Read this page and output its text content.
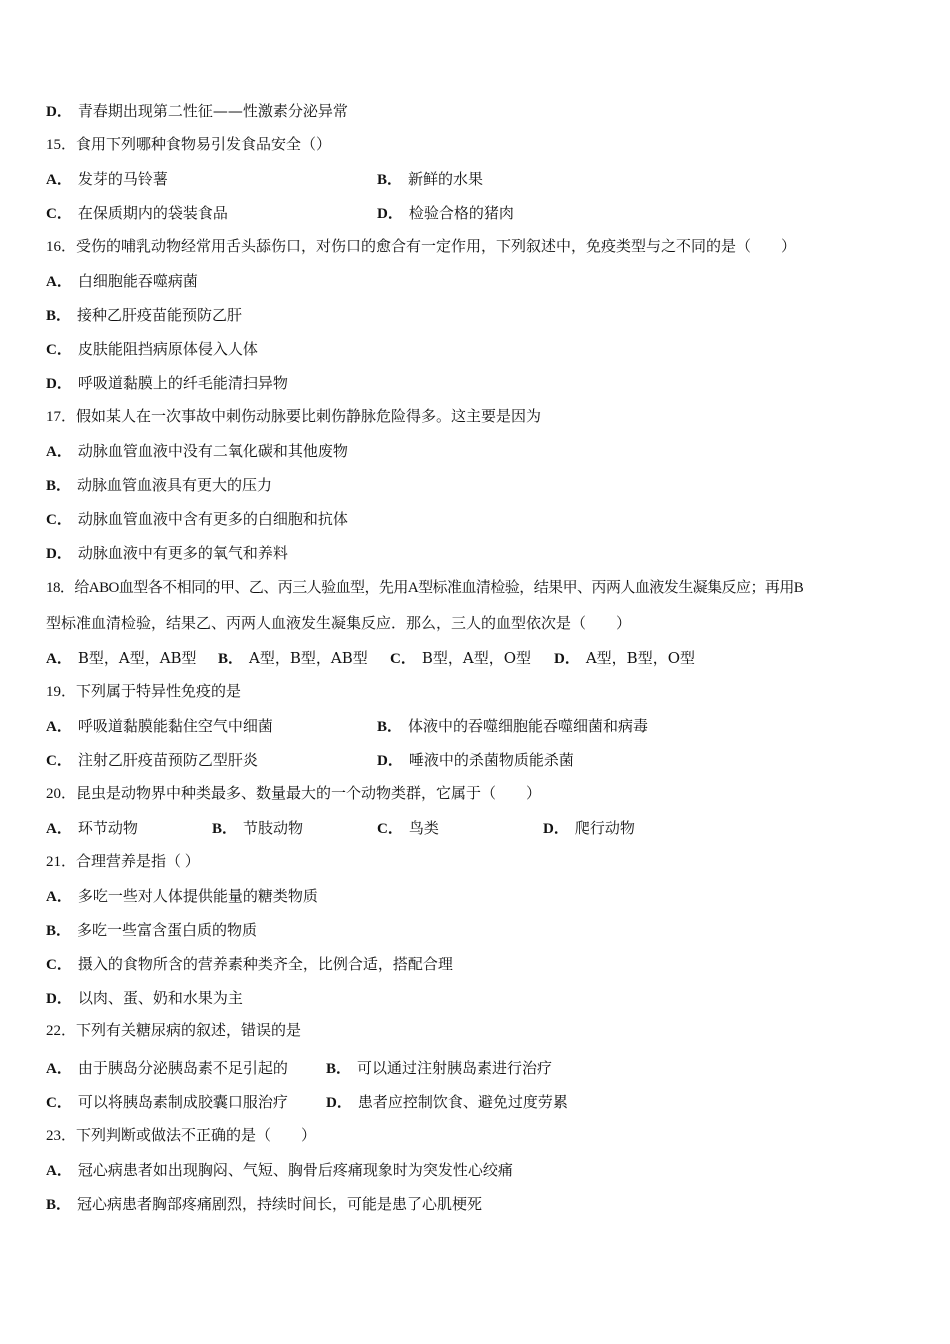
D． 青春期出现第二性征——性激素分泌异常
15．食用下列哪种食物易引发食品安全（）
A． 发芽的马铃薯	B． 新鲜的水果
C． 在保质期内的袋装食品	D． 检验合格的猪肉
16．受伤的哺乳动物经常用舌头舔伤口，对伤口的愈合有一定作用，下列叙述中，免疫类型与之不同的是（　　）
A． 白细胞能吞噬病菌
B． 接种乙肝疫苗能预防乙肝
C． 皮肤能阻挡病原体侵入人体
D． 呼吸道黏膜上的纤毛能清扫异物
17．假如某人在一次事故中刺伤动脉要比刺伤静脉危险得多。这主要是因为
A． 动脉血管血液中没有二氧化碳和其他废物
B． 动脉血管血液具有更大的压力
C． 动脉血管血液中含有更多的白细胞和抗体
D． 动脉血液中有更多的氧气和养料
18．给ABO血型各不相同的甲、乙、丙三人验血型，先用A型标准血清检验，结果甲、丙两人血液发生凝集反应；再用B
型标准血清检验，结果乙、丙两人血液发生凝集反应．那么，三人的血型依次是（　　）
A． B型，A型，AB型 B． A型，B型，AB型 C． B型，A型，O型 D． A型，B型，O型
19．下列属于特异性免疫的是
A． 呼吸道黏膜能黏住空气中细菌	B． 体液中的吞噬细胞能吞噬细菌和病毒
C． 注射乙肝疫苗预防乙型肝炎	D． 唾液中的杀菌物质能杀菌
20．昆虫是动物界中种类最多、数量最大的一个动物类群，它属于（　　）
A． 环节动物	B． 节肢动物	C． 鸟类	D． 爬行动物
21．合理营养是指（ ）
A． 多吃一些对人体提供能量的糖类物质
B． 多吃一些富含蛋白质的物质
C． 摄入的食物所含的营养素种类齐全，比例合适，搭配合理
D． 以肉、蛋、奶和水果为主
22．下列有关糖尿病的叙述，错误的是
A． 由于胰岛分泌胰岛素不足引起的	B． 可以通过注射胰岛素进行治疗
C． 可以将胰岛素制成胶囊口服治疗	D． 患者应控制饮食、避免过度劳累
23．下列判断或做法不正确的是（　　）
A． 冠心病患者如出现胸闷、气短、胸骨后疼痛现象时为突发性心绞痛
B． 冠心病患者胸部疼痛剧烈，持续时间长，可能是患了心肌梗死
